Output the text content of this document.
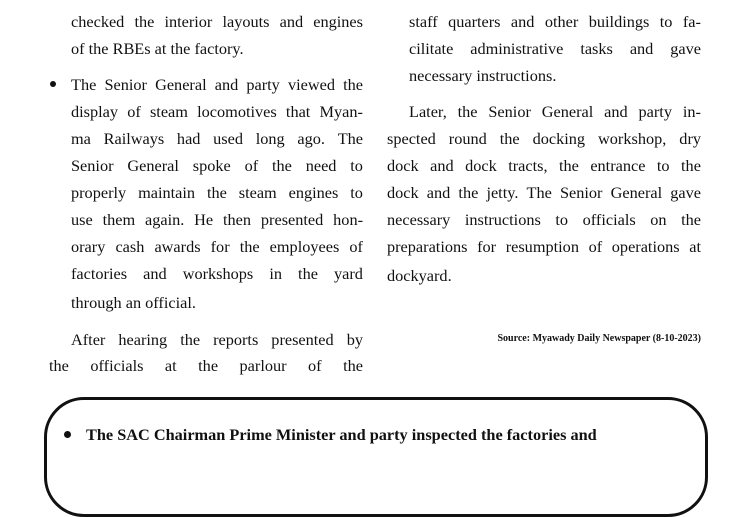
checked the interior layouts and engines
of the RBEs at the factory.
The Senior General and party viewed the
display of steam locomotives that Myan-
ma Railways had used long ago. The
Senior General spoke of the need to
properly maintain the steam engines to
use them again. He then presented hon-
orary cash awards for the employees of
factories and workshops in the yard
through an official.
After hearing the reports presented by
the officials at the parlour of the
staff quarters and other buildings to fa-
cilitate administrative tasks and gave
necessary instructions.
Later, the Senior General and party in-
spected round the docking workshop, dry
dock and dock tracts, the entrance to the
dock and the jetty. The Senior General gave
necessary instructions to officials on the
preparations for resumption of operations at
dockyard.
Source: Myawady Daily Newspaper (8-10-2023)
The SAC Chairman Prime Minister and party inspected the factories and
